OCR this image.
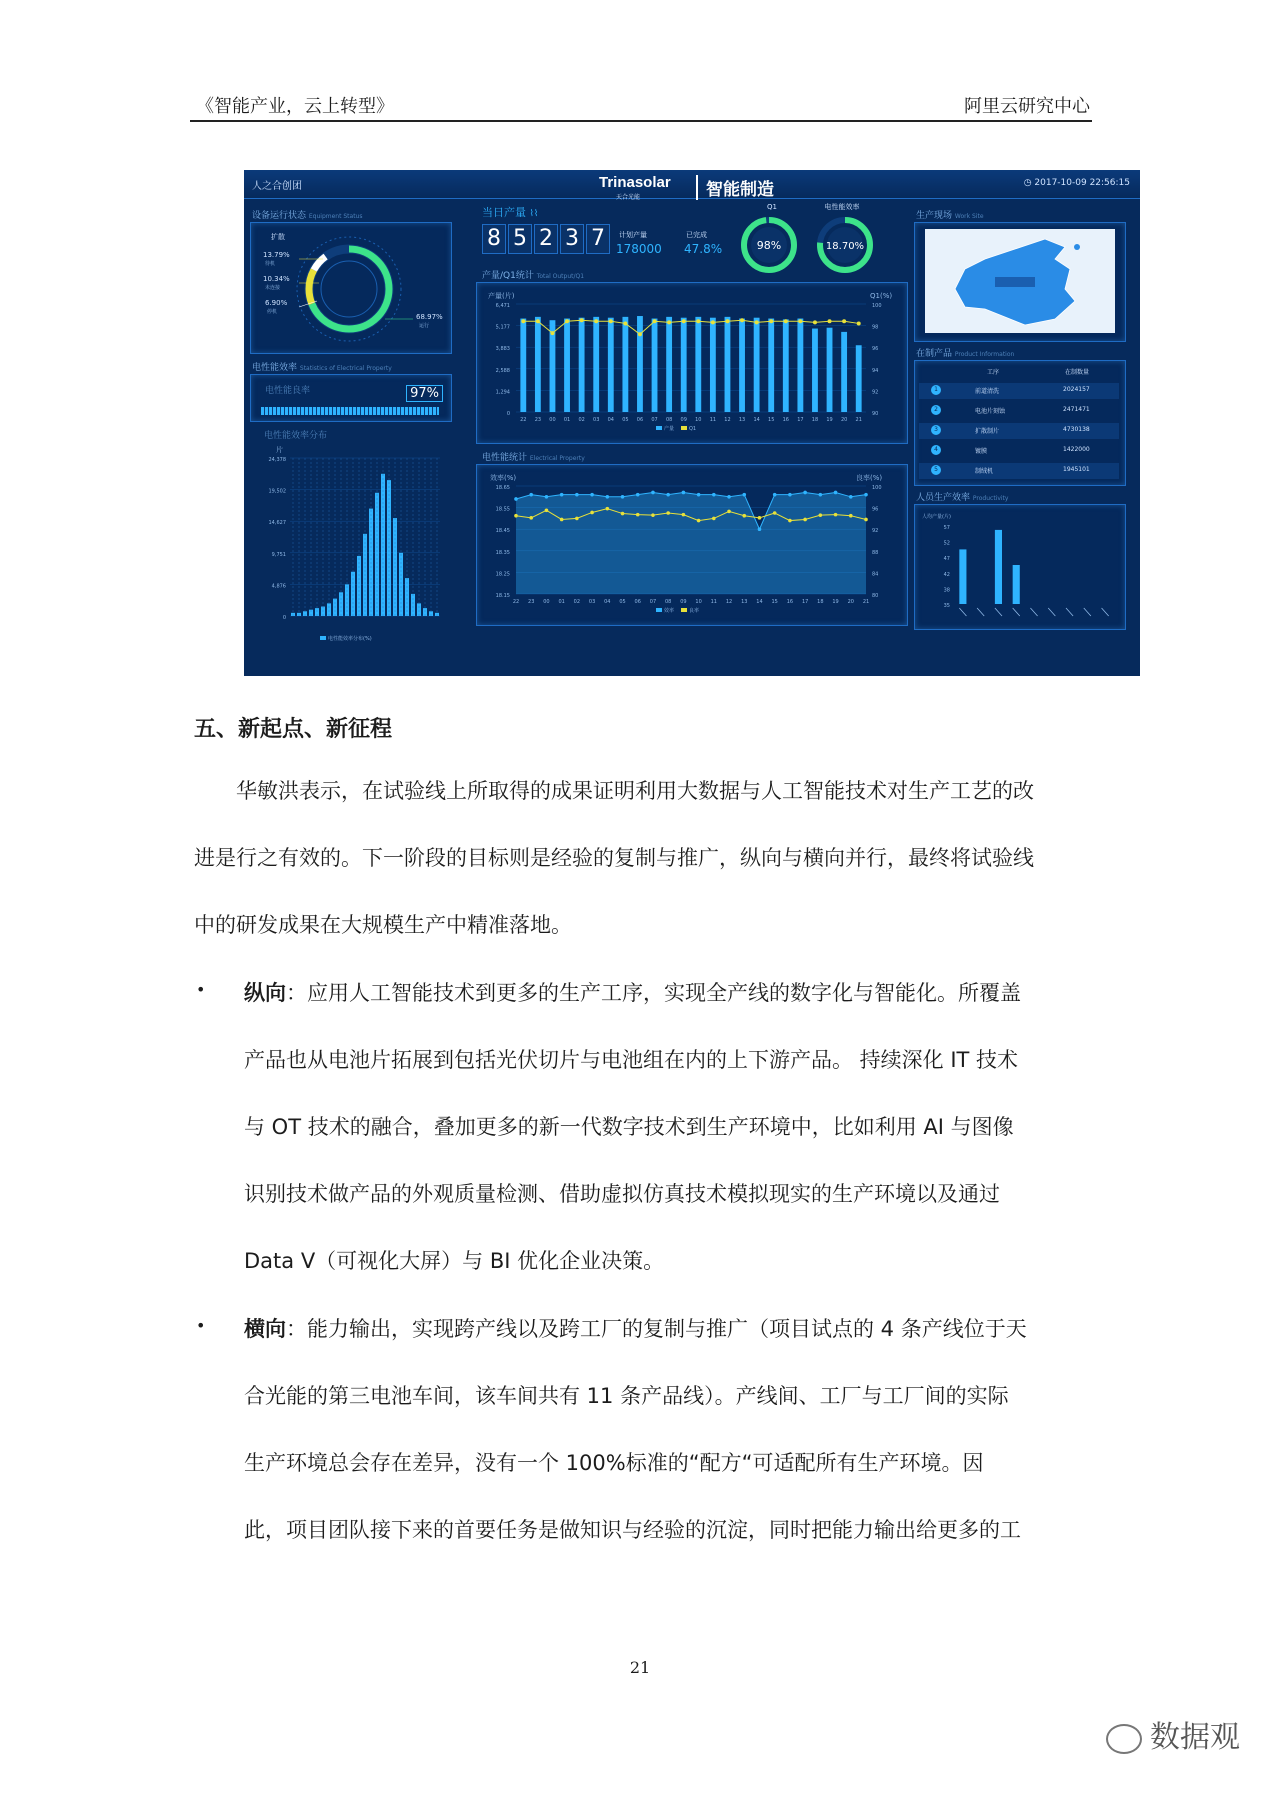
《智能产业，云上转型》	阿里云研究中心
人之合创团	Trinasolar
天合光能	智能制造	◷ 2017-10-09 22:56:15
设备运行状态 Equipment Status
扩散
13.79%
待机
10.34%
未连接
6.90%
停机
68.97%
运行
电性能效率 Statistics of Electrical Property
电性能良率	97%
电性能效率分布
片
24,378
19,502
14,627
9,751
4,876
0
电性能效率分布(%)
当日产量 ⌇⌇
8 5 2 3 7	计划产量
178000
已完成
47.8%
Q1
98%
电性能效率
18.70%
产量/Q1统计 Total Output/Q1
产量(片)	Q1(%)
6,471
5,177
3,883
2,588
1,294
0
100
98
96
94
92
90
22 23 00 01 02 03 04 05 06 07 08 09 10 11 12 13 14 15 16 17 18 19 20 21
产量	Q1
电性能统计 Electrical Property
效率(%)	良率(%)
18.65
18.55
18.45
18.35
18.25
18.15
100
96
92
88
84
80
22 23 00 01 02 03 04 05 06 07 08 09 10 11 12 13 14 15 16 17 18 19 20 21
效率	良率
生产现场 Work Site
在制产品 Product Information
工序	在制数量
1	前道清洗	2024157
2	电池片刻蚀	2471471
3	扩散制片	4730138
4	镀膜	1422000
5	制绒机	1945101
人员生产效率 Productivity
人均产量(片)
57
52
47
42
38
35
五、新起点、新征程
华敏洪表示，在试验线上所取得的成果证明利用大数据与人工智能技术对生产工艺的改
进是行之有效的。下一阶段的目标则是经验的复制与推广，纵向与横向并行，最终将试验线
中的研发成果在大规模生产中精准落地。
• 纵向：应用人工智能技术到更多的生产工序，实现全产线的数字化与智能化。所覆盖

产品也从电池片拓展到包括光伏切片与电池组在内的上下游产品。 持续深化 IT 技术
与 OT 技术的融合，叠加更多的新一代数字技术到生产环境中，比如利用 AI 与图像
识别技术做产品的外观质量检测、借助虚拟仿真技术模拟现实的生产环境以及通过
Data V（可视化大屏）与 BI 优化企业决策。
• 横向：能力输出，实现跨产线以及跨工厂的复制与推广（项目试点的 4 条产线位于天

合光能的第三电池车间，该车间共有 11 条产品线）。产线间、工厂与工厂间的实际
生产环境总会存在差异，没有一个 100%标准的“配方“可适配所有生产环境。因
此，项目团队接下来的首要任务是做知识与经验的沉淀，同时把能力输出给更多的工
21
数据观
